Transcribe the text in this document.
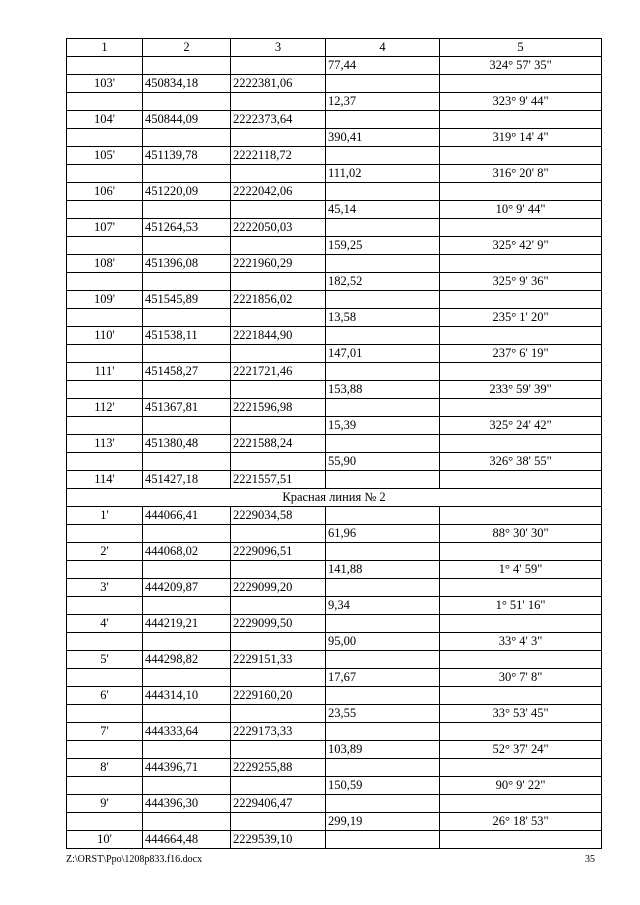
1	2	3	4	5
			77,44	324° 57' 35"
103'	450834,18	2222381,06		
			12,37	323° 9' 44"
104'	450844,09	2222373,64		
			390,41	319° 14' 4"
105'	451139,78	2222118,72		
			111,02	316° 20' 8"
106'	451220,09	2222042,06		
			45,14	10° 9' 44"
107'	451264,53	2222050,03		
			159,25	325° 42' 9"
108'	451396,08	2221960,29		
			182,52	325° 9' 36"
109'	451545,89	2221856,02		
			13,58	235° 1' 20"
110'	451538,11	2221844,90		
			147,01	237° 6' 19"
111'	451458,27	2221721,46		
			153,88	233° 59' 39"
112'	451367,81	2221596,98		
			15,39	325° 24' 42"
113'	451380,48	2221588,24		
			55,90	326° 38' 55"
114'	451427,18	2221557,51		
Красная линия № 2				
1'	444066,41	2229034,58		
			61,96	88° 30' 30"
2'	444068,02	2229096,51		
			141,88	1° 4' 59"
3'	444209,87	2229099,20		
			9,34	1° 51' 16"
4'	444219,21	2229099,50		
			95,00	33° 4' 3"
5'	444298,82	2229151,33		
			17,67	30° 7' 8"
6'	444314,10	2229160,20		
			23,55	33° 53' 45"
7'	444333,64	2229173,33		
			103,89	52° 37' 24"
8'	444396,71	2229255,88		
			150,59	90° 9' 22"
9'	444396,30	2229406,47		
			299,19	26° 18' 53"
10'	444664,48	2229539,10		
Z:\ORST\Ppo\1208p833.f16.docx	35
